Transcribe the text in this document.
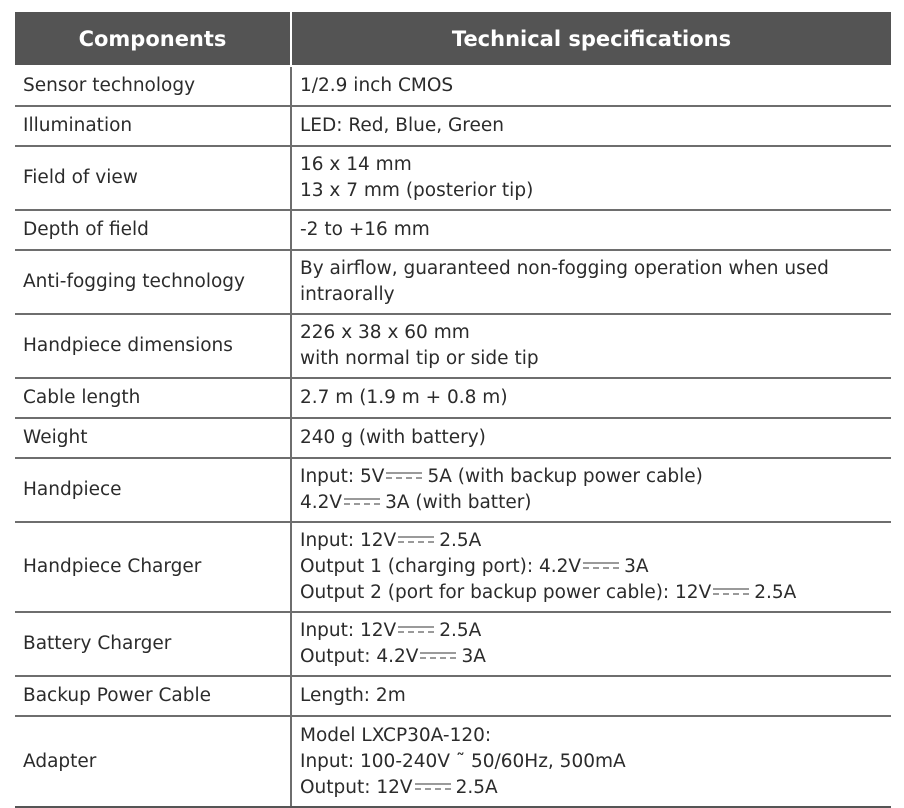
Components	Technical specifications
Sensor technology	1/2.9 inch CMOS

Illumination	LED: Red, Blue, Green

Field of view	16 x 14 mm
13 x 7 mm (posterior tip)

Depth of field	-2 to +16 mm

Anti-fogging technology	By airflow, guaranteed non-fogging operation when used intraorally

Handpiece dimensions	226 x 38 x 60 mm
with normal tip or side tip

Cable length	2.7 m (1.9 m + 0.8 m)

Weight	240 g (with battery)

Handpiece	Input: 5V 5A (with backup power cable)
4.2V 3A (with batter)

Handpiece Charger	Input: 12V 2.5A
Output 1 (charging port): 4.2V 3A
Output 2 (port for backup power cable): 12V 2.5A

Battery Charger	Input: 12V 2.5A
Output: 4.2V 3A

Backup Power Cable	Length: 2m

Adapter	Model LXCP30A-120:
Input: 100-240V ˜ 50/60Hz, 500mA
Output: 12V 2.5A
